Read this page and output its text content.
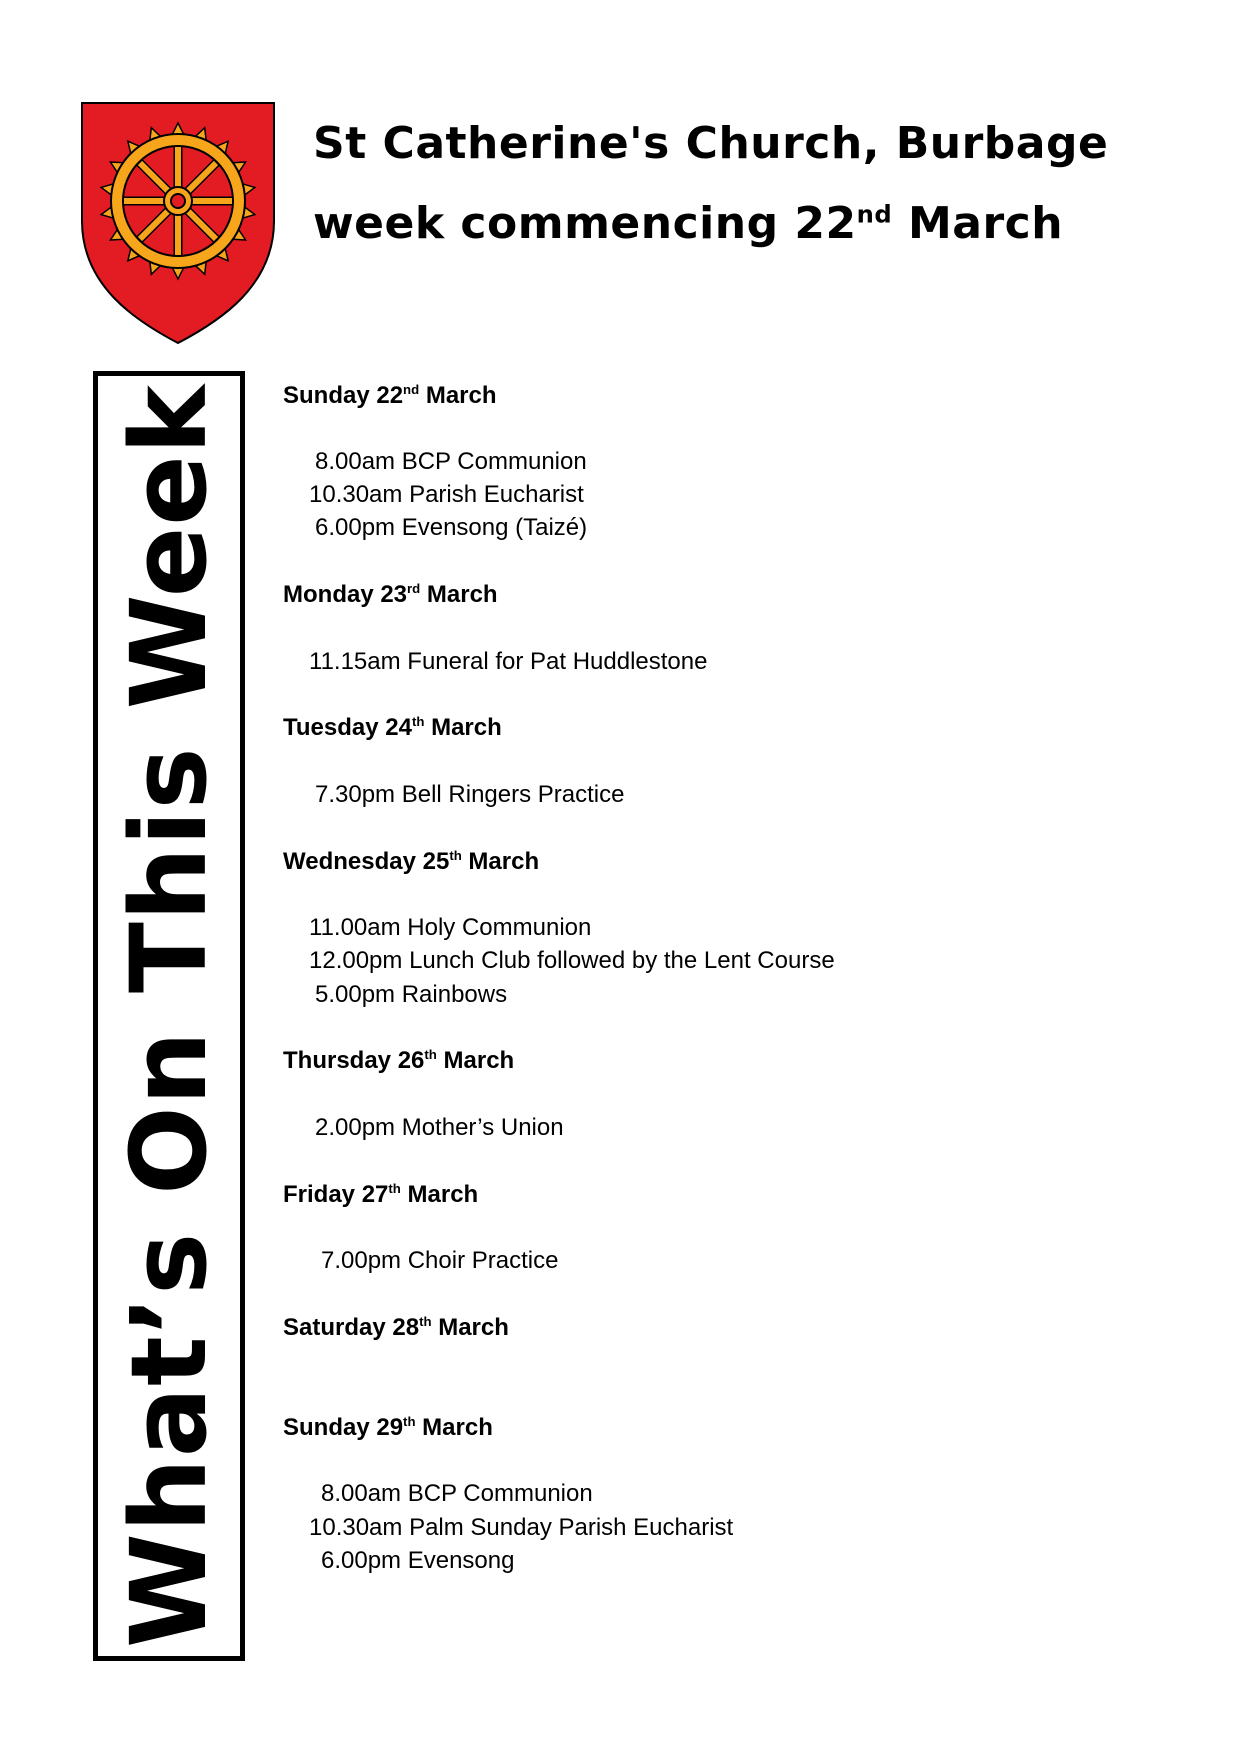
St Catherine's Church, Burbage
week commencing 22nd March
What’s On This Week Sunday 22nd March
8.00am BCP Communion
10.30am Parish Eucharist
6.00pm Evensong (Taizé)
Monday 23rd March
11.15am Funeral for Pat Huddlestone
Tuesday 24th March
7.30pm Bell Ringers Practice
Wednesday 25th March
11.00am Holy Communion
12.00pm Lunch Club followed by the Lent Course
5.00pm Rainbows
Thursday 26th March
2.00pm Mother’s Union
Friday 27th March
7.00pm Choir Practice
Saturday 28th March
Sunday 29th March
8.00am BCP Communion
10.30am Palm Sunday Parish Eucharist
6.00pm Evensong
